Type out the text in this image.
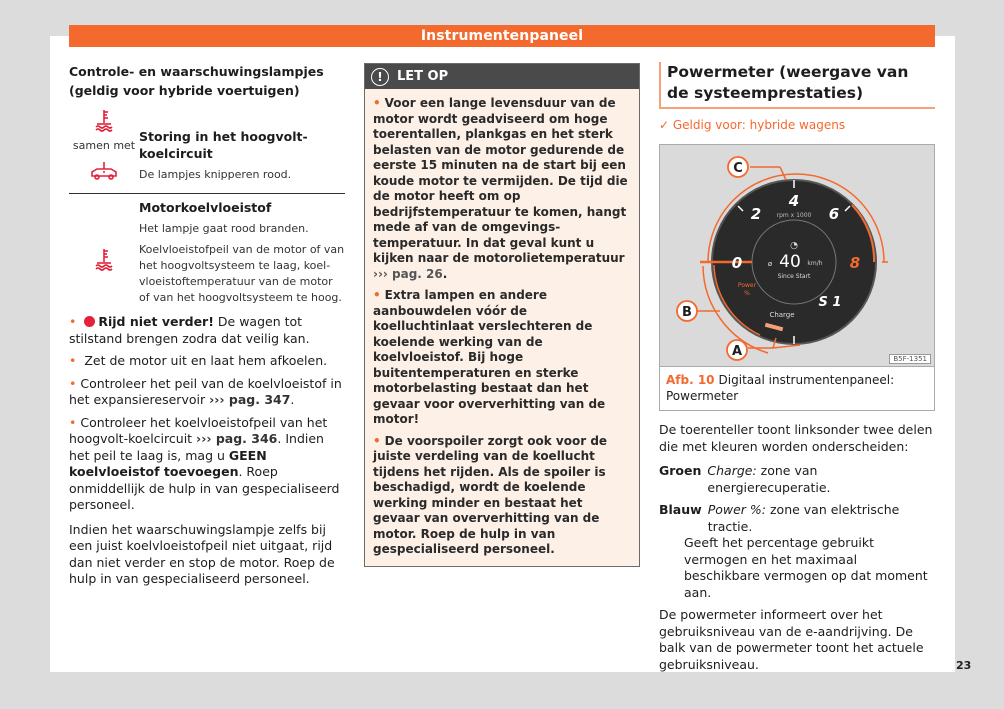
Instrumentenpaneel
Controle- en waarschuwingslampjes (geldig voor hybride voertuigen)
samen met
Storing in het hoogvolt-koelcircuit
De lampjes knipperen rood.
Motorkoelvloeistof
Het lampje gaat rood branden.
Koelvloeistofpeil van de motor of van het hoogvoltsysteem te laag, koelvloeistoftemperatuur van de motor of van het hoogvoltsysteem te hoog.
• Rijd niet verder! De wagen tot stilstand brengen zodra dat veilig kan.
• Zet de motor uit en laat hem afkoelen.
• Controleer het peil van de koelvloeistof in het expansiereservoir ››› pag. 347.
• Controleer het koelvloeistofpeil van het hoogvolt-koelcircuit ››› pag. 346. Indien het peil te laag is, mag u GEEN koelvloeistof toevoegen. Roep onmiddellijk de hulp in van gespecialiseerd personeel.
Indien het waarschuwingslampje zelfs bij een juist koelvloeistofpeil niet uitgaat, rijd dan niet verder en stop de motor. Roep de hulp in van gespecialiseerd personeel.
!	LET OP

• Voor een lange levensduur van de motor wordt geadviseerd om hoge toerentallen, plankgas en het sterk belasten van de motor gedurende de eerste 15 minuten na de start bij een koude motor te vermijden. De tijd die de motor heeft om op bedrijfstemperatuur te komen, hangt mede af van de omgevingstemperatuur. In dat geval kunt u kijken naar de motorolietemperatuur ››› pag. 26.

• Extra lampen en andere aanbouwdelen vóór de koelluchtinlaat verslechteren de koelende werking van de koelvloeistof. Bij hoge buitentemperaturen en sterke motorbelasting bestaat dan het gevaar voor oververhitting van de motor!

• De voorspoiler zorgt ook voor de juiste verdeling van de koellucht tijdens het rijden. Als de spoiler is beschadigd, wordt de koelende werking minder en bestaat het gevaar van oververhitting van de motor. Roep de hulp in van gespecialiseerd personeel.

Powermeter (weergave van de systeemprestaties)
✓ Geldig voor: hybride wagens
4
2	6
0	8
rpm x 1000
◔
ø 40 km/h
Since Start
Power
%
Charge
S 1
C
B
A	B5F-1351
Afb. 10 Digitaal instrumentenpaneel: Powermeter
De toerenteller toont linksonder twee delen die met kleuren worden onderscheiden:
Groen Charge: zone van energierecuperatie.
Blauw Power %: zone van elektrische tractie.
Geeft het percentage gebruikt vermogen en het maximaal beschikbare vermogen op dat moment aan.
De powermeter informeert over het gebruiksniveau van de e-aandrijving. De balk van de powermeter toont het actuele gebruiksniveau.	23
